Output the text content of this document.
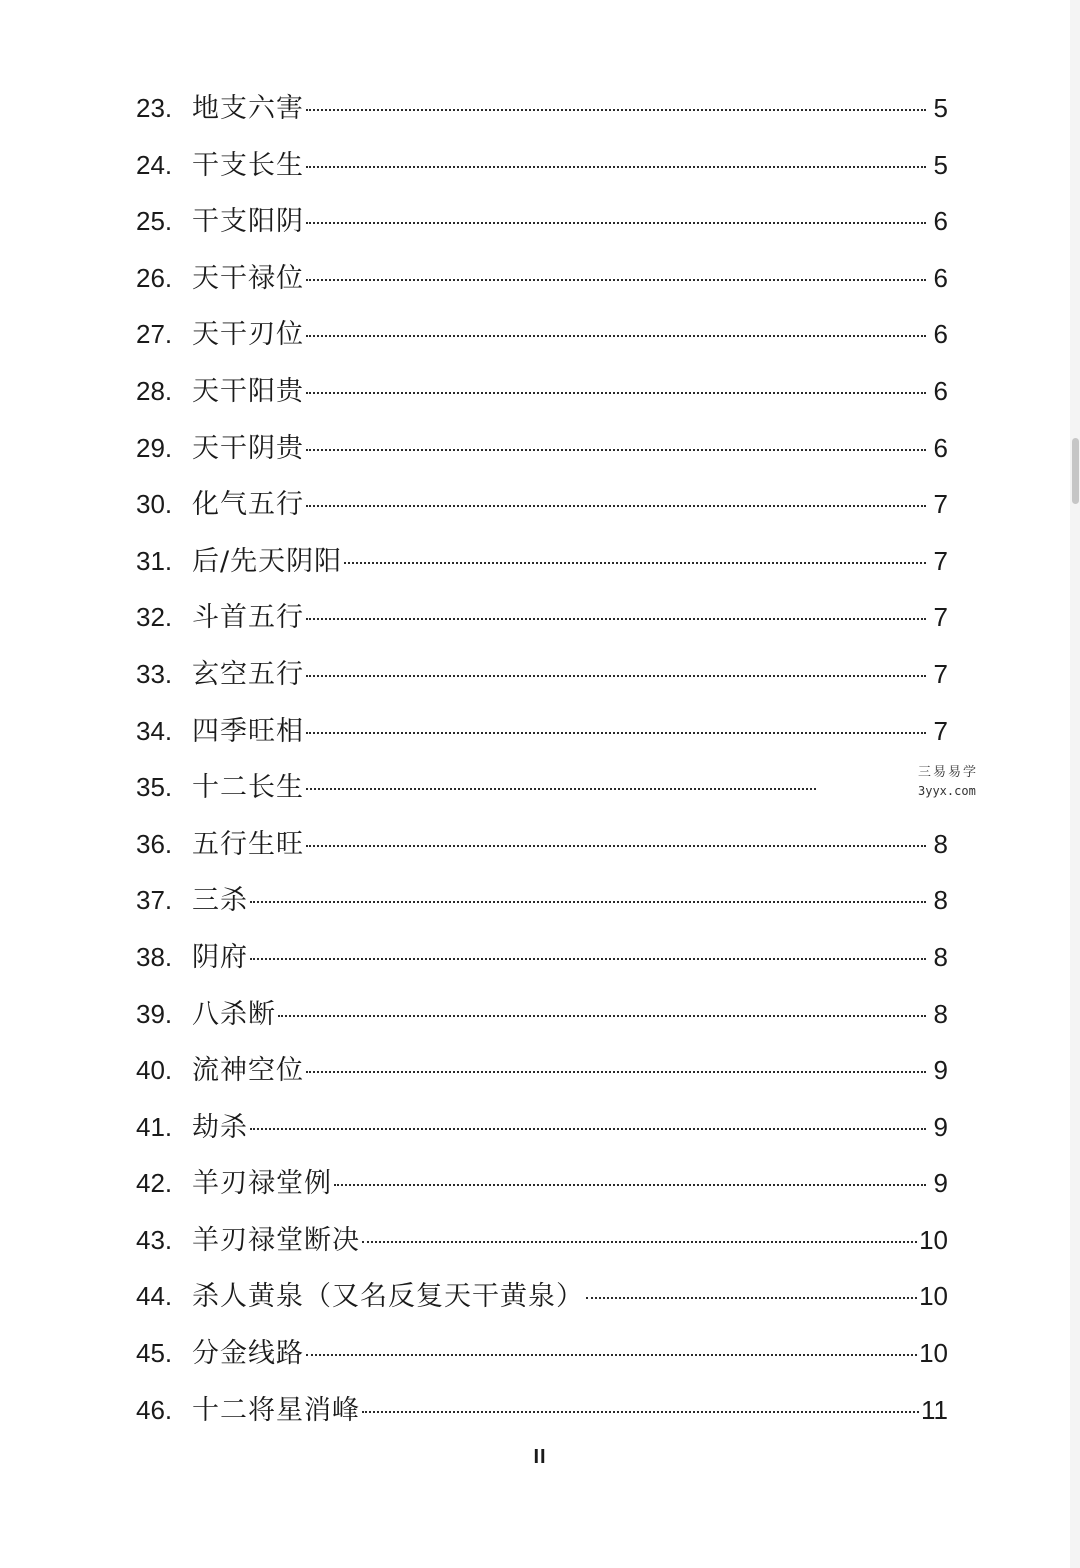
23. 地支六害	5
24. 干支长生	5
25. 干支阳阴	6
26. 天干禄位	6
27. 天干刃位	6
28. 天干阳贵	6
29. 天干阴贵	6
30. 化气五行	7
31. 后/先天阴阳	7
32. 斗首五行	7
33. 玄空五行	7
34. 四季旺相	7
35. 十二长生
36. 五行生旺	8
37. 三杀	8
38. 阴府	8
39. 八杀断	8
40. 流神空位	9
41. 劫杀	9
42. 羊刃禄堂例	9
43. 羊刃禄堂断决	10
44. 杀人黄泉（又名反复天干黄泉）	10
45. 分金线路	10
46. 十二将星消峰	11
三易易学
3yyx.com
II
